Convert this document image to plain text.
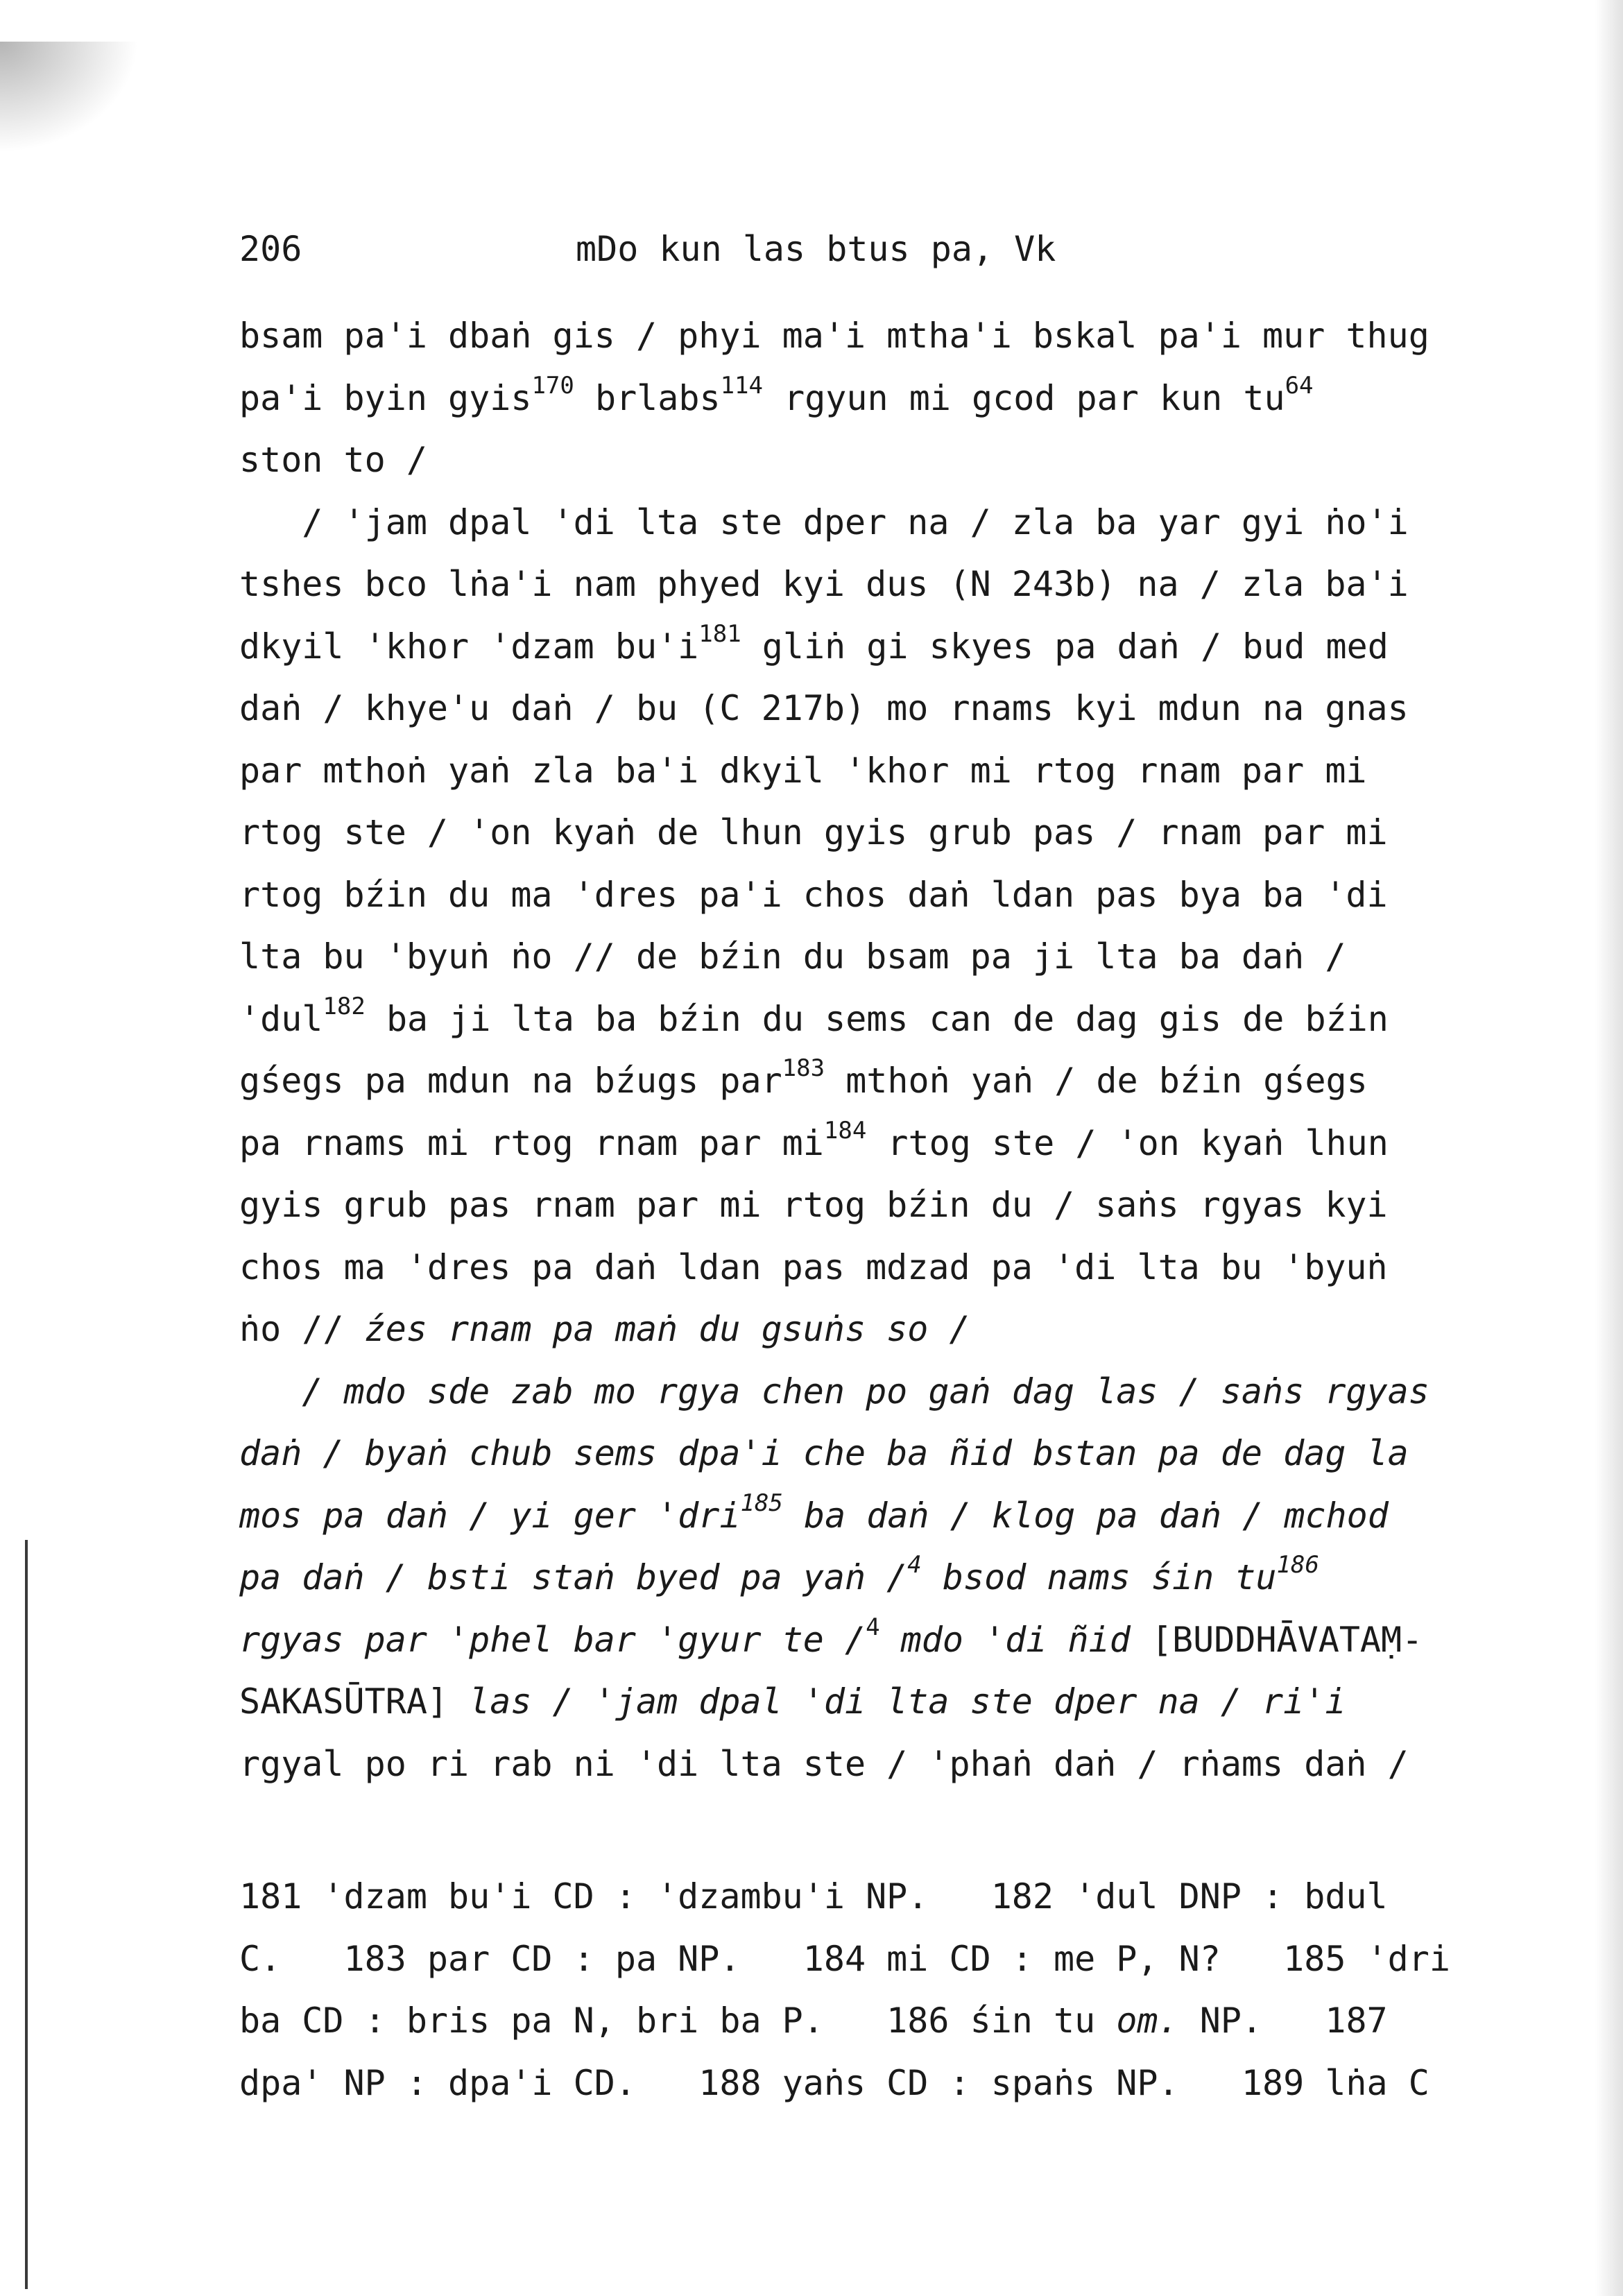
206	mDo kun las btus pa, Vk
bsam pa'i dbaṅ gis / phyi ma'i mtha'i bskal pa'i mur thug
pa'i byin gyis$^{170}$ brlabs$^{114}$ rgyun mi gcod par kun $tu^{64}$
ston to /
/ 'jam dpal 'di lta ste dper na / zla ba yar gyi ṅo'i
tshes bco lṅa'i nam phyed kyi dus (N 243b) na / zla ba'i
dkyil 'khor 'dzam $bu'i^{181}$ gliṅ gi skyes pa daṅ / bud med
daṅ / khye'u daṅ / bu (C 217b) mo rnams kyi mdun na gnas
par mthoṅ yaṅ zla ba'i dkyil 'khor mi rtog rnam par mi
rtog ste / 'on kyaṅ de lhun gyis grub pas / rnam par mi
rtog bźin du ma 'dres pa'i chos daṅ ldan pas bya ba 'di
lta bu 'byuṅ ṅo // de bźin du bsam pa ji lta ba daṅ /
'dul$^{182}$ ba ji lta ba bźin du sems can de dag gis de bźin
gśegs pa mdun na bźugs par$^{183}$ mthoṅ yaṅ / de bźin gśegs
pa rnams mi rtog rnam par $mi^{184}$ rtog ste / 'on kyaṅ lhun
gyis grub pas rnam par mi rtog bźin du / saṅs rgyas kyi
chos ma 'dres pa daṅ ldan pas mdzad pa 'di lta bu 'byuṅ
ṅo // źes rnam pa maṅ du gsuṅs so /
/ mdo sde zab mo rgya chen po gaṅ dag las / saṅs rgyas
daṅ / byaṅ chub sems dpa'i che ba ñid bstan pa de dag la
mos pa daṅ / yi ger 'dri$^{185}$ ba daṅ / klog pa daṅ / mchod
pa daṅ / bsti staṅ byed pa yaṅ /$^4$ bsod nams śin $tu^{186}$
rgyas par 'phel bar 'gyur te /$^4$ mdo 'di ñid [BUDDHĀVATAṂ-
SAKASŪTRA] las / 'jam dpal 'di lta ste dper na / ri'i
rgyal po ri rab ni 'di lta ste / 'phaṅ daṅ / rṅams daṅ /
181 'dzam bu'i CD : 'dzambu'i NP.   182 'dul DNP : bdul
C.   183 par CD : pa NP.   184 mi CD : me P, N?   185 'dri
ba CD : bris pa N, bri ba P.   186 śin tu om. NP.   187
dpa' NP : dpa'i CD.   188 yaṅs CD : spaṅs NP.   189 lṅa C
